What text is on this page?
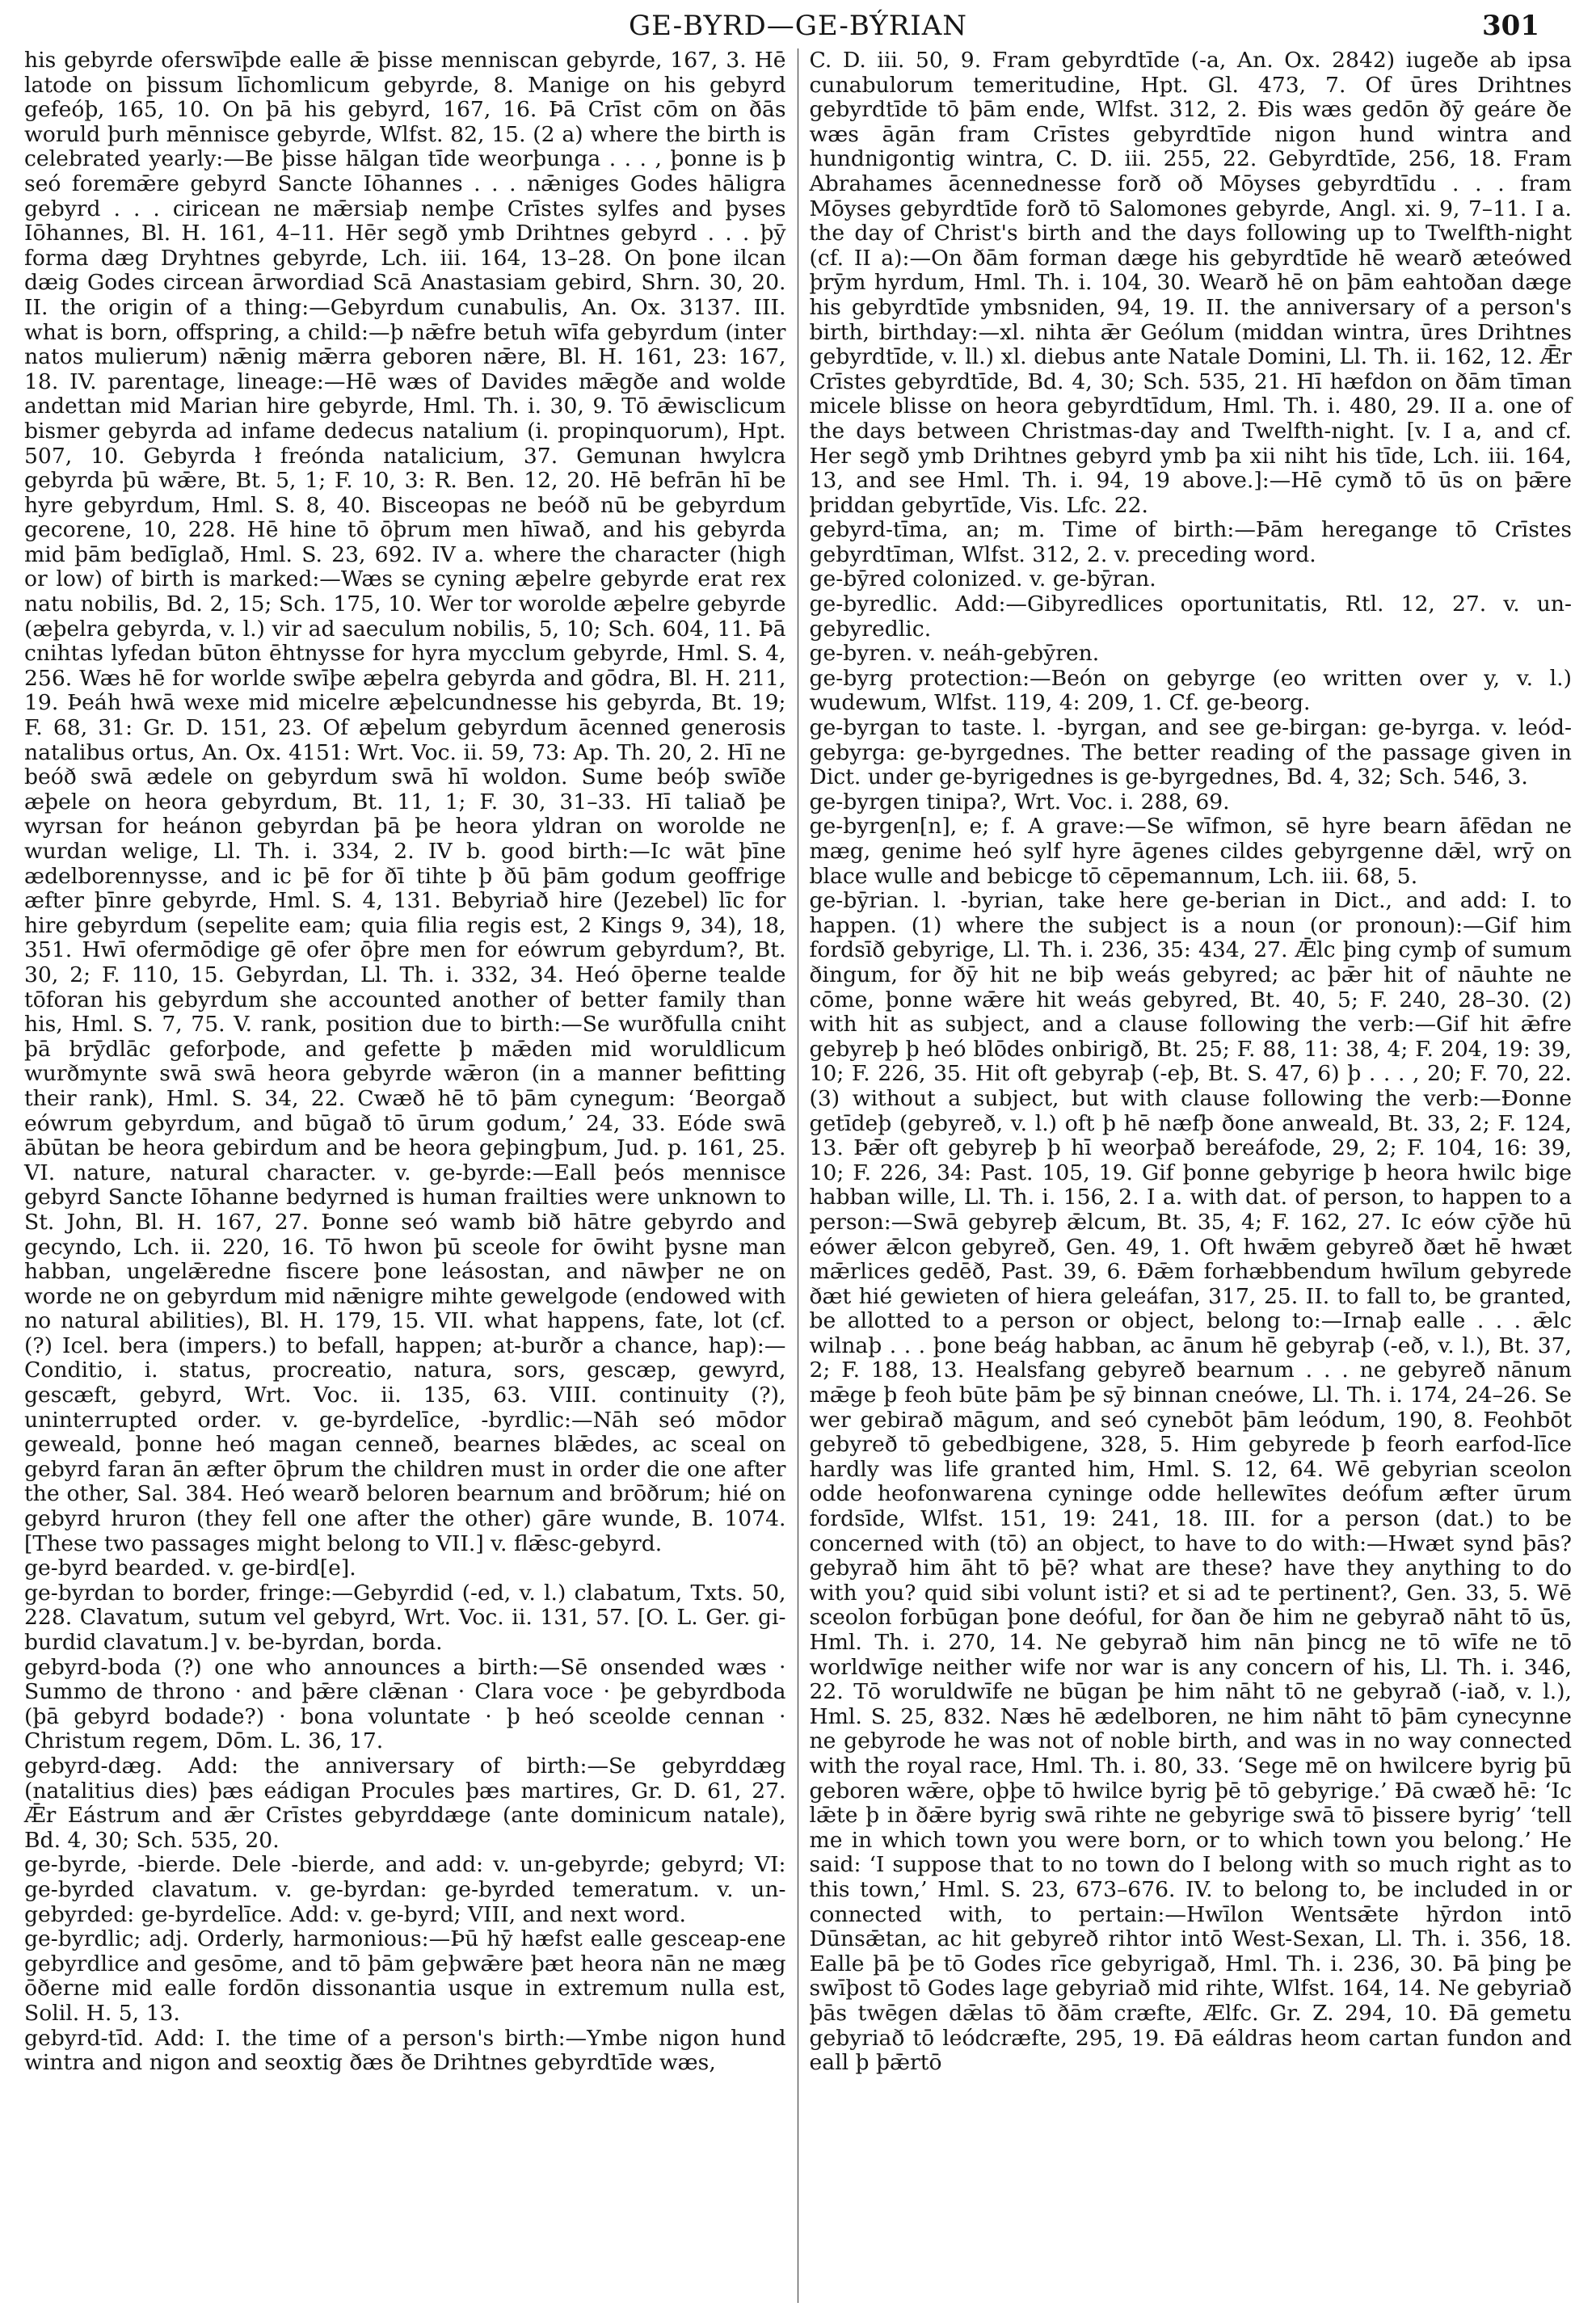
GE-BYRD—GE-BÝRIAN	301

his gebyrde oferswīþde ealle ǣ þisse menniscan gebyrde, 167, 3. Hē latode on þissum līchomlicum gebyrde, 8. Manige on his gebyrd gefeóþ, 165, 10. On þā his gebyrd, 167, 16. Þā Crīst cōm on ðās woruld þurh mēnnisce gebyrde, Wlfst. 82, 15. (2 a) where the birth is celebrated yearly:—Be þisse hālgan tīde weorþunga . . . , þonne is þ seó foremǣre gebyrd Sancte Iōhannes . . . nǣniges Godes hāligra gebyrd . . . ciricean ne mǣrsiaþ nemþe Crīstes sylfes and þyses Iōhannes, Bl. H. 161, 4–11. Hēr segð ymb Drihtnes gebyrd . . . þȳ forma dæg Dryhtnes gebyrde, Lch. iii. 164, 13–28. On þone ilcan dæig Godes circean ārwordiad Scā Anastasiam gebird, Shrn. 30, 20. II. the origin of a thing:—Gebyrdum cunabulis, An. Ox. 3137. III. what is born, offspring, a child:—þ nǣfre betuh wīfa gebyrdum (inter natos mulierum) nǣnig mǣrra geboren nǣre, Bl. H. 161, 23: 167, 18. IV. parentage, lineage:—Hē wæs of Davides mǣgðe and wolde andettan mid Marian hire gebyrde, Hml. Th. i. 30, 9. Tō ǣwisclicum bismer gebyrda ad infame dedecus natalium (i. propinquorum), Hpt. 507, 10. Gebyrda ł freónda natalicium, 37. Gemunan hwylcra gebyrda þū wǣre, Bt. 5, 1; F. 10, 3: R. Ben. 12, 20. Hē befrān hī be hyre gebyrdum, Hml. S. 8, 40. Bisceopas ne beóð nū be gebyrdum gecorene, 10, 228. Hē hine tō ōþrum men hīwað, and his gebyrda mid þām bedīglað, Hml. S. 23, 692. IV a. where the character (high or low) of birth is marked:—Wæs se cyning æþelre gebyrde erat rex natu nobilis, Bd. 2, 15; Sch. 175, 10. Wer tor woroldе æþelre gebyrde (æþelra gebyrda, v. l.) vir ad saeculum nobilis, 5, 10; Sch. 604, 11. Þā cnihtas lyfedan būton ēhtnysse for hyra mycclum gebyrde, Hml. S. 4, 256. Wæs hē for worlde swīþe æþelra gebyrda and gōdra, Bl. H. 211, 19. Þeáh hwā wexe mid micelre æþelcundnesse his gebyrda, Bt. 19; F. 68, 31: Gr. D. 151, 23. Of æþelum gebyrdum ācenned generosis natalibus ortus, An. Ox. 4151: Wrt. Voc. ii. 59, 73: Ap. Th. 20, 2. Hī ne beóð swā ædele on gebyrdum swā hī woldon. Sume beóþ swīðe æþele on heora gebyrdum, Bt. 11, 1; F. 30, 31–33. Hī taliað þe wyrsan for heánon gebyrdan þā þe heora yldran on worolde ne wurdan welige, Ll. Th. i. 334, 2. IV b. good birth:—Ic wāt þīne ædelborennysse, and ic þē for ðī tihte þ ðū þām godum geoffrige æfter þīnre gebyrde, Hml. S. 4, 131. Bebyriað hire (Jezebel) līc for hire gebyrdum (sepelite eam; quia filia regis est, 2 Kings 9, 34), 18, 351. Hwī ofermōdige gē ofer ōþre men for eówrum gebyrdum?, Bt. 30, 2; F. 110, 15. Gebyrdan, Ll. Th. i. 332, 34. Heó ōþerne tealde tōforan his gebyrdum she accounted another of better family than his, Hml. S. 7, 75. V. rank, position due to birth:—Se wurðfulla cniht þā brȳdlāc geforþode, and gefette þ mǣden mid woruldlicum wurðmynte swā swā heora gebyrde wǣron (in a manner befitting their rank), Hml. S. 34, 22. Cwæð hē tō þām cynegum: ‘Beorgað eówrum gebyrdum, and būgað tō ūrum godum,’ 24, 33. Eóde swā ābūtan be heora gebirdum and be heora geþingþum, Jud. p. 161, 25. VI. nature, natural character. v. ge-byrde:—Eall þeós mennisce gebyrd Sancte Iōhanne bedyrned is human frailties were unknown to St. John, Bl. H. 167, 27. Þonne seó wamb bið hātre gebyrdo and gecyndo, Lch. ii. 220, 16. Tō hwon þū sceole for ōwiht þysne man habban, ungelǣredne fiscere þone leásostan, and nāwþer ne on worde ne on gebyrdum mid nǣnigre mihte gewelgode (endowed with no natural abilities), Bl. H. 179, 15. VII. what happens, fate, lot (cf. (?) Icel. bera (impers.) to befall, happen; at-burðr a chance, hap):—Conditio, i. status, procreatio, natura, sors, gescæp, gewyrd, gescæft, gebyrd, Wrt. Voc. ii. 135, 63. VIII. continuity (?), uninterrupted order. v. ge-byrdelīce, -byrdlic:—Nāh seó mōdor geweald, þonne heó magan cenneð, bearnes blǣdes, ac sceal on gebyrd faran ān æfter ōþrum the children must in order die one after the other, Sal. 384. Heó wearð beloren bearnum and brōðrum; hié on gebyrd hruron (they fell one after the other) gāre wunde, B. 1074. [These two passages might belong to VII.] v. flǣsc-gebyrd.

ge-byrd bearded. v. ge-bird[e].

ge-byrdan to border, fringe:—Gebyrdid (-ed, v. l.) clabatum, Txts. 50, 228. Clavatum, sutum vel gebyrd, Wrt. Voc. ii. 131, 57. [O. L. Ger. gi-burdid clavatum.] v. be-byrdan, borda.

gebyrd-boda (?) one who announces a birth:—Sē onsended wæs · Summo de throno · and þǣre clǣnan · Clara voce · þe gebyrdboda (þā gebyrd bodade?) · bona voluntate · þ heó sceolde cennan · Christum regem, Dōm. L. 36, 17.

gebyrd-dæg. Add: the anniversary of birth:—Se gebyrddæg (natalitius dies) þæs eádigan Procules þæs martires, Gr. D. 61, 27. Ǣr Eástrum and ǣr Crīstes gebyrddæge (ante dominicum natale), Bd. 4, 30; Sch. 535, 20.

ge-byrde, -bierde. Dele -bierde, and add: v. un-gebyrde; gebyrd; VI: ge-byrded clavatum. v. ge-byrdan: ge-byrded temeratum. v. un-gebyrded: ge-byrdelīce. Add: v. ge-byrd; VIII, and next word.

ge-byrdlic; adj. Orderly, harmonious:—Þū hȳ hæfst ealle gesceap-ene gebyrdlice and gesōme, and tō þām geþwǣre þæt heora nān ne mæg ōðerne mid ealle fordōn dissonantia usque in extremum nulla est, Solil. H. 5, 13.

gebyrd-tīd. Add: I. the time of a person's birth:—Ymbe nigon hund wintra and nigon and seoxtig ðæs ðe Drihtnes gebyrdtīde wæs,

C. D. iii. 50, 9. Fram gebyrdtīde (-a, An. Ox. 2842) iugeðe ab ipsa cunabulorum temeritudine, Hpt. Gl. 473, 7. Of ūres Drihtnes gebyrdtīde tō þām ende, Wlfst. 312, 2. Ðis wæs gedōn ðȳ geáre ðe wæs āgān fram Crīstes gebyrdtīde nigon hund wintra and hundnigontig wintra, C. D. iii. 255, 22. Gebyrdtīde, 256, 18. Fram Abrahames ācennednesse forð oð Mōyses gebyrdtīdu . . . fram Mōyses gebyrdtīde forð tō Salomones gebyrde, Angl. xi. 9, 7–11. I a. the day of Christ's birth and the days following up to Twelfth-night (cf. II a):—On ðām forman dæge his gebyrdtīde hē wearð æteówed þrȳm hyrdum, Hml. Th. i. 104, 30. Wearð hē on þām eahtoðan dæge his gebyrdtīde ymbsniden, 94, 19. II. the anniversary of a person's birth, birthday:—xl. nihta ǣr Geólum (middan wintra, ūres Drihtnes gebyrdtīde, v. ll.) xl. diebus ante Natale Domini, Ll. Th. ii. 162, 12. Ǣr Crīstes gebyrdtīde, Bd. 4, 30; Sch. 535, 21. Hī hæfdon on ðām tīman micele blisse on heora gebyrdtīdum, Hml. Th. i. 480, 29. II a. one of the days between Christmas-day and Twelfth-night. [v. I a, and cf. Her segð ymb Drihtnes gebyrd ymb þa xii niht his tīde, Lch. iii. 164, 13, and see Hml. Th. i. 94, 19 above.]:—Hē cymð tō ūs on þǣre þriddan gebyrtīde, Vis. Lfc. 22.

gebyrd-tīma, an; m. Time of birth:—Þām heregange tō Crīstes gebyrdtīman, Wlfst. 312, 2. v. preceding word.

ge-bȳred colonized. v. ge-bȳran.

ge-byredlic. Add:—Gibyredlices oportunitatis, Rtl. 12, 27. v. un-gebyredlic.

ge-byren. v. neáh-gebȳren.

ge-byrg protection:—Beón on gebyrge (eo written over y, v. l.) wudewum, Wlfst. 119, 4: 209, 1. Cf. ge-beorg.

ge-byrgan to taste. l. -byrgan, and see ge-birgan: ge-byrga. v. leód-gebyrga: ge-byrgednes. The better reading of the passage given in Dict. under ge-byrigednes is ge-byrgednes, Bd. 4, 32; Sch. 546, 3.

ge-byrgen tinipa?, Wrt. Voc. i. 288, 69.

ge-byrgen[n], e; f. A grave:—Se wīfmon, sē hyre bearn āfēdan ne mæg, genime heó sylf hyre āgenes cildes gebyrgenne dǣl, wrȳ on blace wulle and bebicge tō cēpemannum, Lch. iii. 68, 5.

ge-bȳrian. l. -byrian, take here ge-berian in Dict., and add: I. to happen. (1) where the subject is a noun (or pronoun):—Gif him fordsīð gebyrige, Ll. Th. i. 236, 35: 434, 27. Ǣlc þing cymþ of sumum ðingum, for ðȳ hit ne biþ weás gebyred; ac þǣr hit of nāuhte ne cōme, þonne wǣre hit weás gebyred, Bt. 40, 5; F. 240, 28–30. (2) with hit as subject, and a clause following the verb:—Gif hit ǣfre gebyreþ þ heó blōdes onbirigð, Bt. 25; F. 88, 11: 38, 4; F. 204, 19: 39, 10; F. 226, 35. Hit oft gebyraþ (-eþ, Bt. S. 47, 6) þ . . . , 20; F. 70, 22. (3) without a subject, but with clause following the verb:—Ðonne getīdeþ (gebyreð, v. l.) oft þ hē næfþ ðone anweald, Bt. 33, 2; F. 124, 13. Þǣr oft gebyreþ þ hī weorþað bereáfode, 29, 2; F. 104, 16: 39, 10; F. 226, 34: Past. 105, 19. Gif þonne gebyrige þ heora hwilc bige habban wille, Ll. Th. i. 156, 2. I a. with dat. of person, to happen to a person:—Swā gebyreþ ǣlcum, Bt. 35, 4; F. 162, 27. Ic eów cȳðe hū eówer ǣlcon gebyreð, Gen. 49, 1. Oft hwǣm gebyreð ðæt hē hwæt mǣrlices gedēð, Past. 39, 6. Ðǣm forhæbbendum hwīlum gebyrede ðæt hié gewieten of hiera geleáfan, 317, 25. II. to fall to, be granted, be allotted to a person or object, belong to:—Irnaþ ealle . . . ǣlc wilnaþ . . . þone beág habban, ac ānum hē gebyraþ (-eð, v. l.), Bt. 37, 2; F. 188, 13. Healsfang gebyreð bearnum . . . ne gebyreð nānum mǣge þ feoh būte þām þe sȳ binnan cneówe, Ll. Th. i. 174, 24–26. Se wer gebirað māgum, and seó cynebōt þām leódum, 190, 8. Feohbōt gebyreð tō gebedbigene, 328, 5. Him gebyrede þ feorh earfod-līce hardly was life granted him, Hml. S. 12, 64. Wē gebyrian sceolon odde heofonwarena cyninge odde hellewītes deófum æfter ūrum fordsīde, Wlfst. 151, 19: 241, 18. III. for a person (dat.) to be concerned with (tō) an object, to have to do with:—Hwæt synd þās? gebyrað him āht tō þē? what are these? have they anything to do with you? quid sibi volunt isti? et si ad te pertinent?, Gen. 33, 5. Wē sceolon forbūgan þone deóful, for ðan ðe him ne gebyrað nāht tō ūs, Hml. Th. i. 270, 14. Ne gebyrað him nān þincg ne tō wīfe ne tō worldwīge neither wife nor war is any concern of his, Ll. Th. i. 346, 22. Tō woruldwīfe ne būgan þe him nāht tō ne gebyrað (-iað, v. l.), Hml. S. 25, 832. Næs hē ædelboren, ne him nāht tō þām cynecynne ne gebyrode he was not of noble birth, and was in no way connected with the royal race, Hml. Th. i. 80, 33. ‘Sege mē on hwilcere byrig þū geboren wǣre, oþþe tō hwilce byrig þē tō gebyrige.’ Ðā cwæð hē: ‘Ic lǣte þ in ðǣre byrig swā rihte ne gebyrige swā tō þissere byrig’ ‘tell me in which town you were born, or to which town you belong.’ He said: ‘I suppose that to no town do I belong with so much right as to this town,’ Hml. S. 23, 673–676. IV. to belong to, be included in or connected with, to pertain:—Hwīlon Wentsǣte hȳrdon intō Dūnsǣtan, ac hit gebyreð rihtor intō West-Sexan, Ll. Th. i. 356, 18. Ealle þā þe tō Godes rīce gebyrigað, Hml. Th. i. 236, 30. Þā þing þe swīþost tō Godes lage gebyriað mid rihte, Wlfst. 164, 14. Ne gebyriað þās twēgen dǣlas tō ðām cræfte, Ælfc. Gr. Z. 294, 10. Ðā gemetu gebyriað tō leódcræfte, 295, 19. Ðā eáldras heom cartan fundon and eall þ þǣrtō
